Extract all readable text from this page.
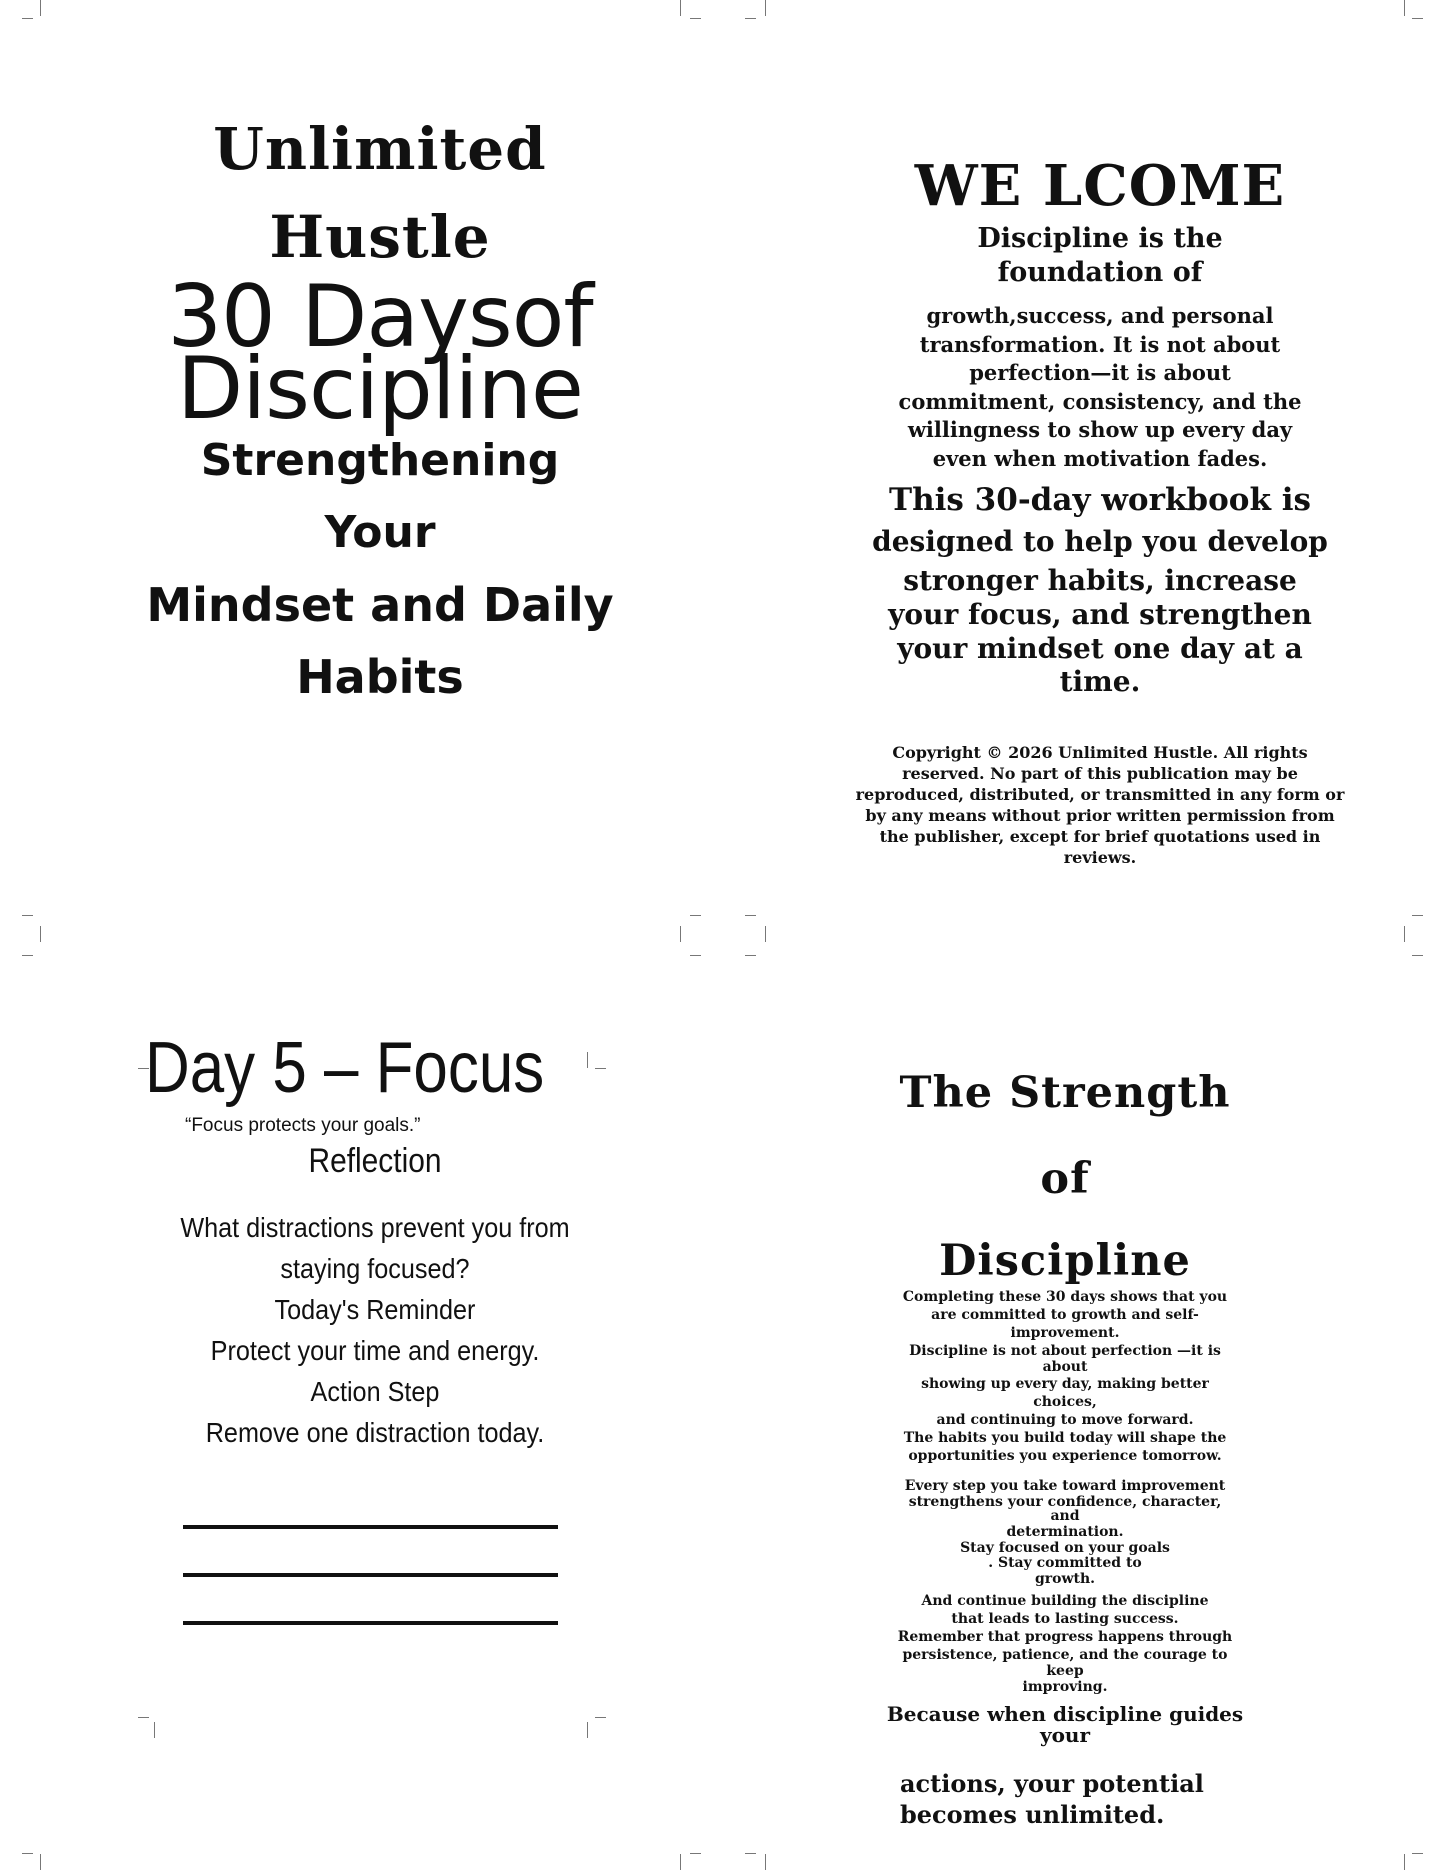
Unlimited

Hustle

30 Daysof

Discipline

Strengthening Your

Mindset and Daily

Habits

WE LCOME

Discipline is the

foundation of

growth,success, and personal

transformation. It is not about

perfection—it is about

commitment, consistency, and the

willingness to show up every day

even when motivation fades.

This 30-day workbook is

designed to help you develop

stronger habits, increase

your focus, and strengthen

your mindset one day at a

time.

Copyright © 2026 Unlimited Hustle. All rights
reserved. No part of this publication may be
reproduced, distributed, or transmitted in any form or
by any means without prior written permission from
the publisher, except for brief quotations used in
reviews.

Day 5 – Focus

“Focus protects your goals.”

Reflection

What distractions prevent you from

staying focused?

Today's Reminder

Protect your time and energy.

Action Step

Remove one distraction today.

The Strength of

Discipline

Completing these 30 days shows that you

are committed to growth and self-

improvement.

Discipline is not about perfection —it is

about

showing up every day, making better

choices,

and continuing to move forward.

The habits you build today will shape the

opportunities you experience tomorrow.

Every step you take toward improvement

strengthens your confidence, character,

and

determination.

Stay focused on your goals

. Stay committed to

growth.

And continue building the discipline

that leads to lasting success.

Remember that progress happens through

persistence, patience, and the courage to

keep

improving.

Because when discipline guides

your

actions, your potential
becomes unlimited.
